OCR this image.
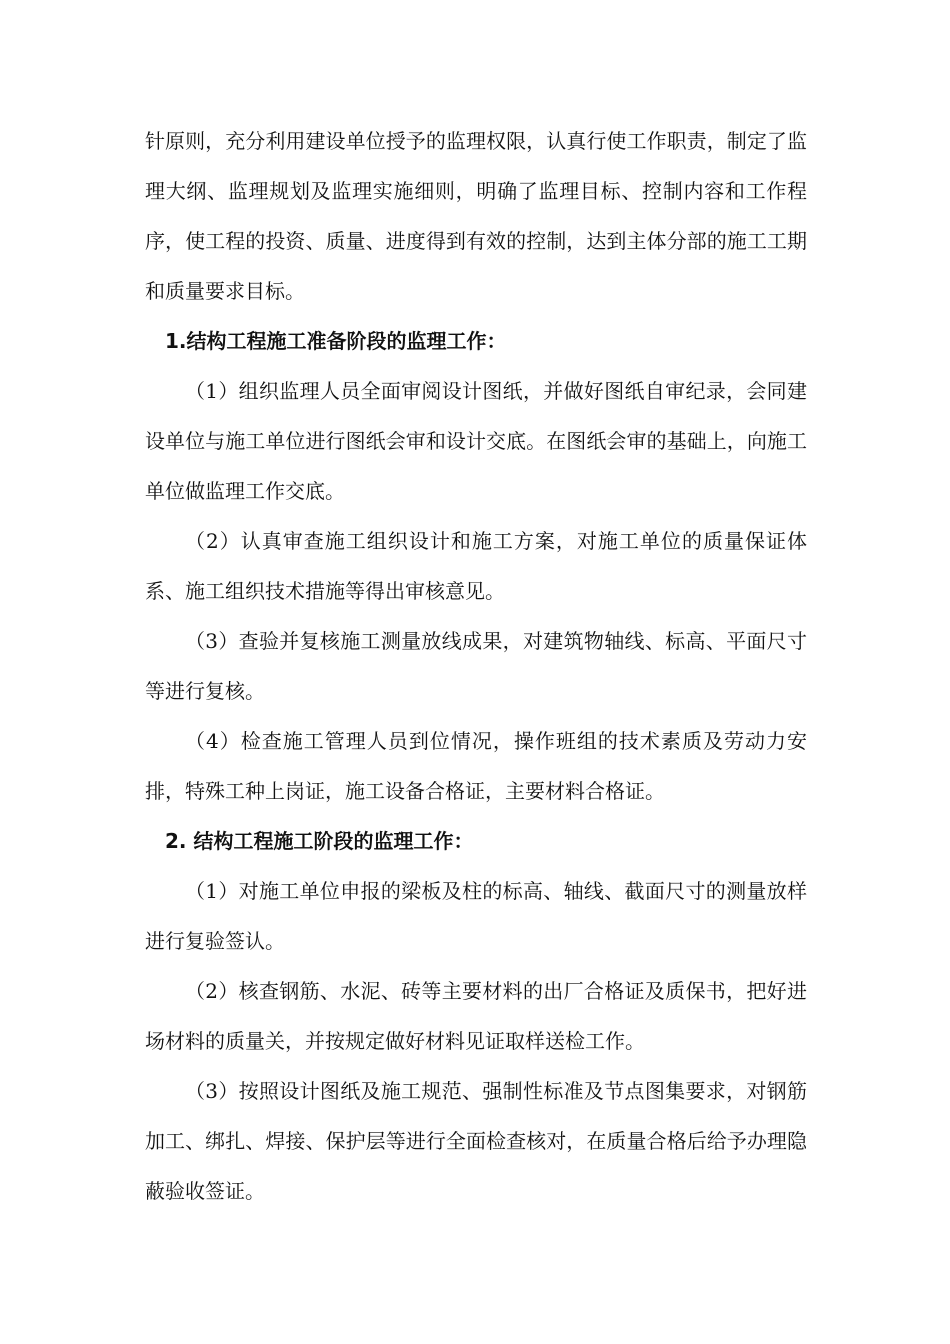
针原则，充分利用建设单位授予的监理权限，认真行使工作职责，制定了监理大纲、监理规划及监理实施细则，明确了监理目标、控制内容和工作程序，使工程的投资、质量、进度得到有效的控制，达到主体分部的施工工期和质量要求目标。
1.结构工程施工准备阶段的监理工作：
（1）组织监理人员全面审阅设计图纸，并做好图纸自审纪录，会同建设单位与施工单位进行图纸会审和设计交底。在图纸会审的基础上，向施工单位做监理工作交底。
（2）认真审查施工组织设计和施工方案，对施工单位的质量保证体系、施工组织技术措施等得出审核意见。
（3）查验并复核施工测量放线成果，对建筑物轴线、标高、平面尺寸等进行复核。
（4）检查施工管理人员到位情况，操作班组的技术素质及劳动力安排，特殊工种上岗证，施工设备合格证，主要材料合格证。
2. 结构工程施工阶段的监理工作：
（1）对施工单位申报的梁板及柱的标高、轴线、截面尺寸的测量放样进行复验签认。
（2）核查钢筋、水泥、砖等主要材料的出厂合格证及质保书，把好进场材料的质量关，并按规定做好材料见证取样送检工作。
（3）按照设计图纸及施工规范、强制性标准及节点图集要求，对钢筋加工、绑扎、焊接、保护层等进行全面检查核对，在质量合格后给予办理隐蔽验收签证。
